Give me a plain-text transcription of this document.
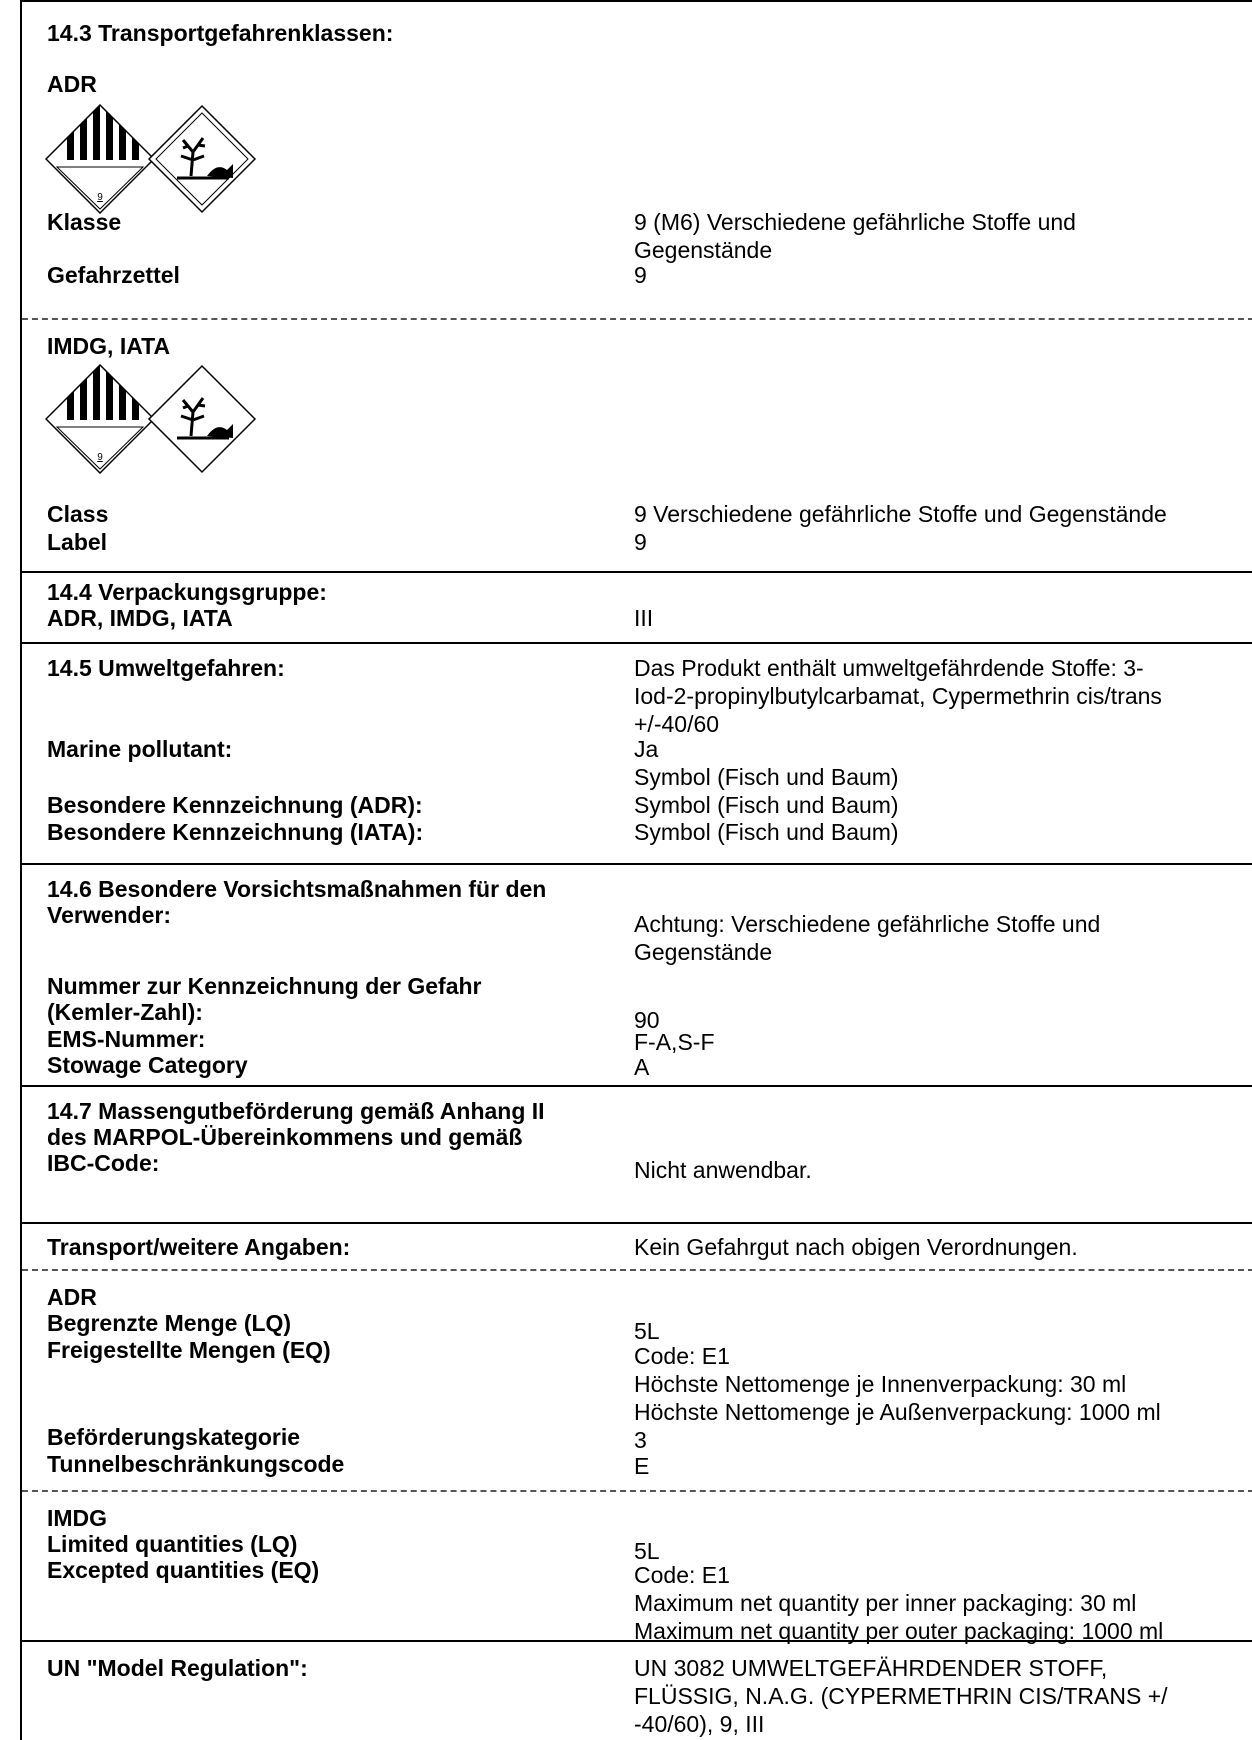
14.3 Transportgefahrenklassen:
ADR
9
Klasse	9 (M6) Verschiedene gefährliche Stoffe und
Gegenstände
Gefahrzettel	9
IMDG, IATA
9
Class	9 Verschiedene gefährliche Stoffe und Gegenstände
Label	9
14.4 Verpackungsgruppe:
ADR, IMDG, IATA	III
14.5 Umweltgefahren:	Das Produkt enthält umweltgefährdende Stoffe: 3-
Iod-2-propinylbutylcarbamat, Cypermethrin cis/trans
+/-40/60
Marine pollutant:	Ja
Symbol (Fisch und Baum)
Besondere Kennzeichnung (ADR):	Symbol (Fisch und Baum)
Besondere Kennzeichnung (IATA):	Symbol (Fisch und Baum)
14.6 Besondere Vorsichtsmaßnahmen für den
Verwender:	Achtung: Verschiedene gefährliche Stoffe und
Gegenstände
Nummer zur Kennzeichnung der Gefahr
(Kemler-Zahl):	90
EMS-Nummer:	F-A,S-F
Stowage Category	A
14.7 Massengutbeförderung gemäß Anhang II
des MARPOL-Übereinkommens und gemäß
IBC-Code:	Nicht anwendbar.
Transport/weitere Angaben:	Kein Gefahrgut nach obigen Verordnungen.
ADR
Begrenzte Menge (LQ)	5L
Freigestellte Mengen (EQ)	Code: E1
Höchste Nettomenge je Innenverpackung: 30 ml
Höchste Nettomenge je Außenverpackung: 1000 ml
Beförderungskategorie	3
Tunnelbeschränkungscode	E
IMDG
Limited quantities (LQ)	5L
Excepted quantities (EQ)	Code: E1
Maximum net quantity per inner packaging: 30 ml
Maximum net quantity per outer packaging: 1000 ml
UN "Model Regulation":	UN 3082 UMWELTGEFÄHRDENDER STOFF,
FLÜSSIG, N.A.G. (CYPERMETHRIN CIS/TRANS +/
-40/60), 9, III
